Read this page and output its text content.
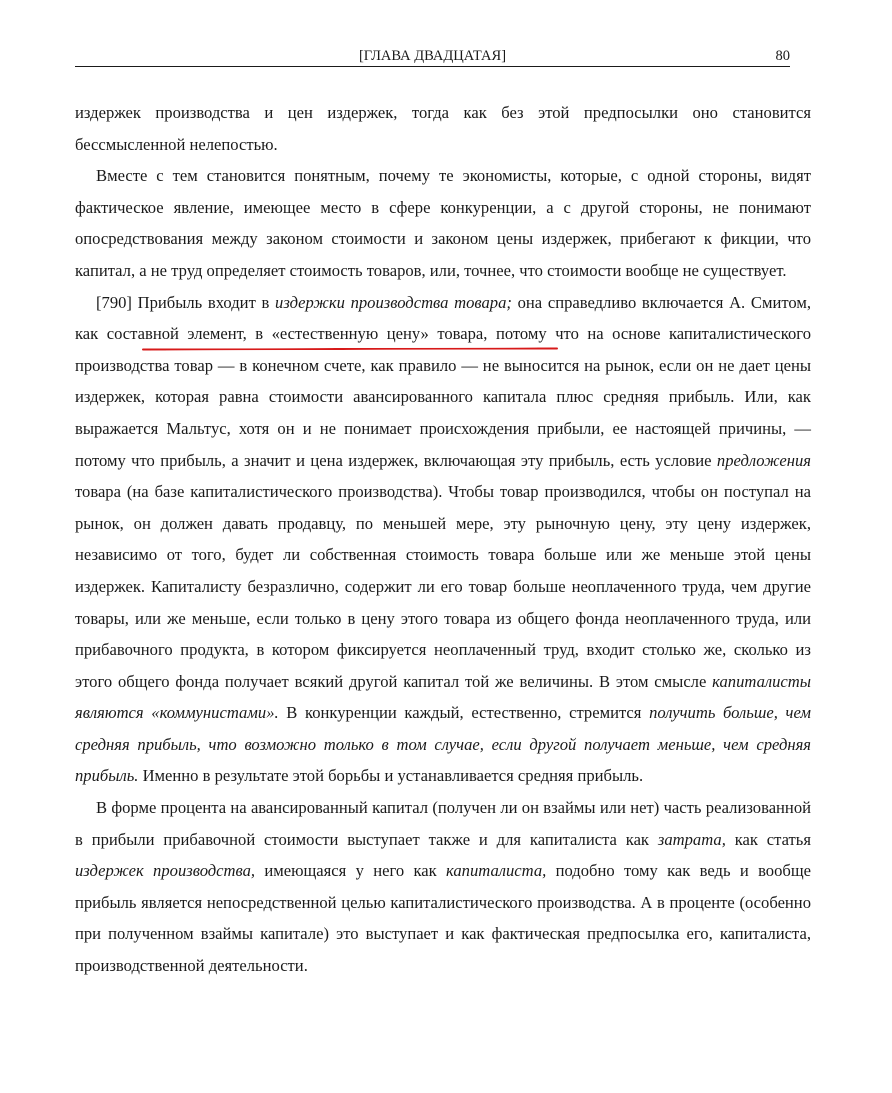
[ГЛАВА ДВАДЦАТАЯ]	80

издержек производства и цен издержек, тогда как без этой предпосылки оно становится бессмысленной нелепостью.

Вместе с тем становится понятным, почему те экономисты, которые, с одной стороны, видят фактическое явление, имеющее место в сфере конкуренции, а с другой стороны, не понимают опосредствования между законом стоимости и законом цены издержек, прибегают к фикции, что капитал, а не труд определяет стоимость товаров, или, точнее, что стоимости вообще не существует.

[790] Прибыль входит в издержки производства товара; она справедливо включается А. Смитом, как составной элемент, в «естественную цену» товара, потому что на основе капиталистического производства товар — в конечном счете, как правило — не выносится на рынок, если он не дает цены издержек, которая равна стоимости авансированного капитала плюс средняя прибыль. Или, как выражается Мальтус, хотя он и не понимает происхождения прибыли, ее настоящей причины, — потому что прибыль, а значит и цена издержек, включающая эту прибыль, есть условие предложения товара (на базе капиталистического производства). Чтобы товар производился, чтобы он поступал на рынок, он должен давать продавцу, по меньшей мере, эту рыночную цену, эту цену издержек, независимо от того, будет ли собственная стоимость товара больше или же меньше этой цены издержек. Капиталисту безразлично, содержит ли его товар больше неоплаченного труда, чем другие товары, или же меньше, если только в цену этого товара из общего фонда неоплаченного труда, или прибавочного продукта, в котором фиксируется неоплаченный труд, входит столько же, сколько из этого общего фонда получает всякий другой капитал той же величины. В этом смысле капиталисты являются «коммунистами». В конкуренции каждый, естественно, стремится получить больше, чем средняя прибыль, что возможно только в том случае, если другой получает меньше, чем средняя прибыль. Именно в результате этой борьбы и устанавливается средняя прибыль.

В форме процента на авансированный капитал (получен ли он взаймы или нет) часть реализованной в прибыли прибавочной стоимости выступает также и для капиталиста как затрата, как статья издержек производства, имеющаяся у него как капиталиста, подобно тому как ведь и вообще прибыль является непосредственной целью капиталистического производства. А в проценте (особенно при полученном взаймы капитале) это выступает и как фактическая предпосылка его, капиталиста, производственной деятельности.
